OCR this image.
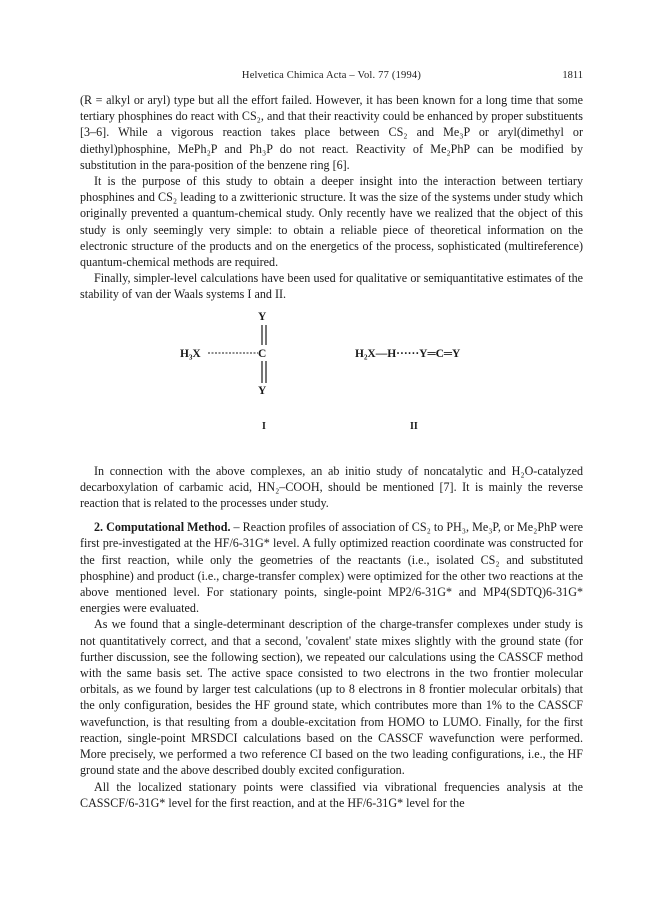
Helvetica Chimica Acta – Vol. 77 (1994)	1811

(R = alkyl or aryl) type but all the effort failed. However, it has been known for a long time that some tertiary phosphines do react with CS₂, and that their reactivity could be enhanced by proper substituents [3–6]. While a vigorous reaction takes place between CS₂ and Me₃P or aryl(dimethyl or diethyl)phosphine, MePh₂P and Ph₃P do not react. Reactivity of Me₂PhP can be modified by substitution in the para-position of the benzene ring [6].

It is the purpose of this study to obtain a deeper insight into the interaction between tertiary phosphines and CS₂ leading to a zwitterionic structure. It was the size of the systems under study which originally prevented a quantum-chemical study. Only recently have we realized that the object of this study is only seemingly very simple: to obtain a reliable piece of theoretical information on the electronic structure of the products and on the energetics of the process, sophisticated (multireference) quantum-chemical methods are required.

Finally, simpler-level calculations have been used for qualitative or semiquantitative estimates of the stability of van der Waals systems I and II.

Y
H₃X	C
Y
I
H₂X—H······Y═C═Y
II

In connection with the above complexes, an ab initio study of noncatalytic and H₂O-catalyzed decarboxylation of carbamic acid, HN₂–COOH, should be mentioned [7]. It is mainly the reverse reaction that is related to the processes under study.

2. Computational Method. – Reaction profiles of association of CS₂ to PH₃, Me₃P, or Me₂PhP were first pre-investigated at the HF/6-31G* level. A fully optimized reaction coordinate was constructed for the first reaction, while only the geometries of the reactants (i.e., isolated CS₂ and substituted phosphine) and product (i.e., charge-transfer complex) were optimized for the other two reactions at the above mentioned level. For stationary points, single-point MP2/6-31G* and MP4(SDTQ)6-31G* energies were evaluated.

As we found that a single-determinant description of the charge-transfer complexes under study is not quantitatively correct, and that a second, 'covalent' state mixes slightly with the ground state (for further discussion, see the following section), we repeated our calculations using the CASSCF method with the same basis set. The active space consisted to two electrons in the two frontier molecular orbitals, as we found by larger test calculations (up to 8 electrons in 8 frontier molecular orbitals) that the only configuration, besides the HF ground state, which contributes more than 1% to the CASSCF wavefunction, is that resulting from a double-excitation from HOMO to LUMO. Finally, for the first reaction, single-point MRSDCI calculations based on the CASSCF wavefunction were performed. More precisely, we performed a two reference CI based on the two leading configurations, i.e., the HF ground state and the above described doubly excited configuration.

All the localized stationary points were classified via vibrational frequencies analysis at the CASSCF/6-31G* level for the first reaction, and at the HF/6-31G* level for the
